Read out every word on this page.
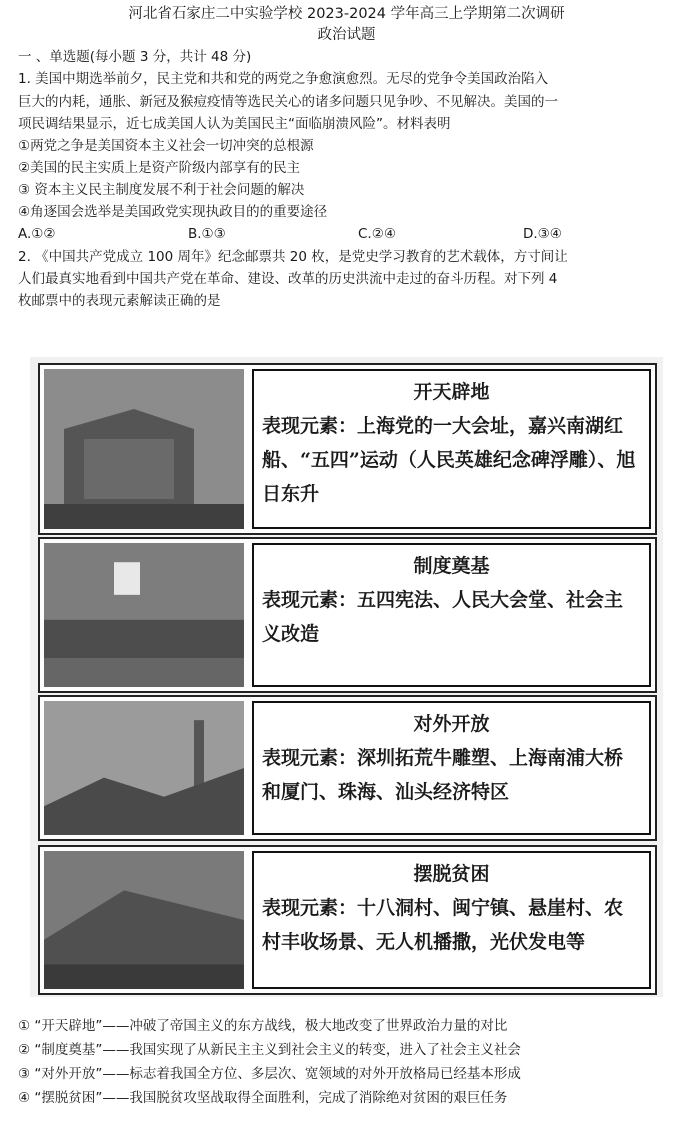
河北省石家庄二中实验学校 2023-2024 学年高三上学期第二次调研
政治试题
一 、单选题(每小题 3 分，共计 48 分)
1. 美国中期选举前夕，民主党和共和党的两党之争愈演愈烈。无尽的党争令美国政治陷入
巨大的内耗，通胀、新冠及猴痘疫情等选民关心的诸多问题只见争吵、不见解决。美国的一
项民调结果显示，近七成美国人认为美国民主“面临崩溃风险”。材料表明
①两党之争是美国资本主义社会一切冲突的总根源
②美国的民主实质上是资产阶级内部享有的民主
③ 资本主义民主制度发展不利于社会问题的解决
④角逐国会选举是美国政党实现执政目的的重要途径
A.①②	B.①③	C.②④	D.③④
2. 《中国共产党成立 100 周年》纪念邮票共 20 枚，是党史学习教育的艺术载体，方寸间让
人们最真实地看到中国共产党在革命、建设、改革的历史洪流中走过的奋斗历程。对下列 4
枚邮票中的表现元素解读正确的是
开天辟地
表现元素：上海党的一大会址，嘉兴南湖红船、“五四”运动（人民英雄纪念碑浮雕）、旭日东升
制度奠基
表现元素：五四宪法、人民大会堂、社会主义改造
对外开放
表现元素：深圳拓荒牛雕塑、上海南浦大桥和厦门、珠海、汕头经济特区
摆脱贫困
表现元素：十八洞村、闽宁镇、悬崖村、农村丰收场景、无人机播撒，光伏发电等
① “开天辟地”——冲破了帝国主义的东方战线，极大地改变了世界政治力量的对比
② “制度奠基”——我国实现了从新民主主义到社会主义的转变，进入了社会主义社会
③ “对外开放”——标志着我国全方位、多层次、宽领域的对外开放格局已经基本形成
④ “摆脱贫困”——我国脱贫攻坚战取得全面胜利，完成了消除绝对贫困的艰巨任务
